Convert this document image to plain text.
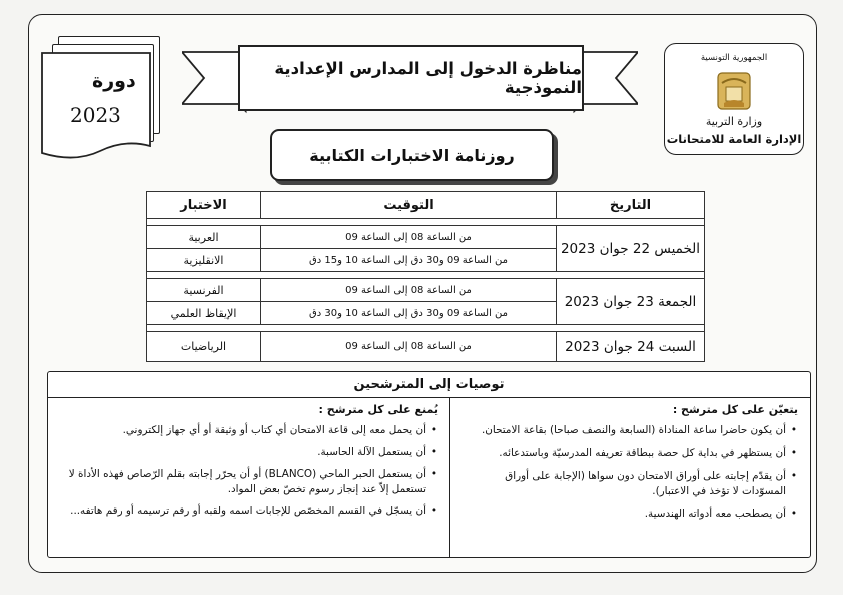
دورة
2023
مناظرة الدخول إلى المدارس الإعدادية النموذجية
روزنامة الاختبارات الكتابية
الجمهورية التونسية
وزارة التربية
الإدارة العامة للامتحانات
التاريخ	التوقيت	الاختبار

الخميس 22 جوان 2023	من الساعة 08 إلى الساعة 09	العربية
	من الساعة 09 و30 دق إلى الساعة 10 و15 دق	الانقليزية

الجمعة 23 جوان 2023	من الساعة 08 إلى الساعة 09	الفرنسية
	من الساعة 09 و30 دق إلى الساعة 10 و30 دق	الإيقاظ العلمي

السبت 24 جوان 2023	من الساعة 08 إلى الساعة 09	الرياضيات
توصيات إلى المترشحين
يتعيّن على كل مترشح :
• أن يكون حاضرا ساعة المناداة (السابعة والنصف صباحا) بقاعة الامتحان.
• أن يستظهر في بداية كل حصة ببطاقة تعريفه المدرسيّة وباستدعائه.
• أن يقدّم إجابته على أوراق الامتحان دون سواها (الإجابة على أوراق المسوّدات لا تؤخذ في الاعتبار).
• أن يصطحب معه أدواته الهندسية.
يُمنع على كل مترشح :
• أن يحمل معه إلى قاعة الامتحان أي كتاب أو وثيقة أو أي جهاز إلكتروني.
• أن يستعمل الآلة الحاسبة.
• أن يستعمل الحبر الماحي (BLANCO) أو أن يحرّر إجابته بقلم الرّصاص فهذه الأداة لا تستعمل إلاّ عند إنجاز رسوم تخصّ بعض المواد.
• أن يسجّل في القسم المخصّص للإجابات اسمه ولقبه أو رقم ترسيمه أو رقم هاتفه...
